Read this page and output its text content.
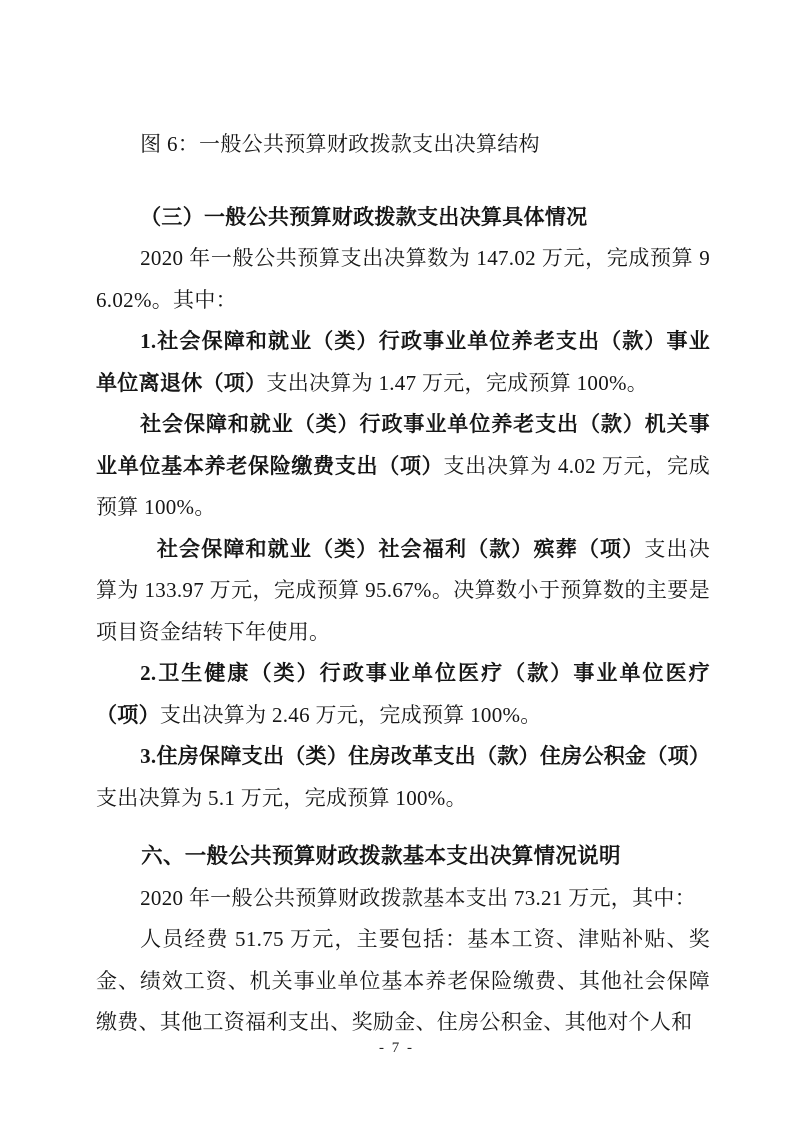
图 6：一般公共预算财政拨款支出决算结构

（三）一般公共预算财政拨款支出决算具体情况

2020 年一般公共预算支出决算数为 147.02 万元，完成预算 96.02%。其中：

1.社会保障和就业（类）行政事业单位养老支出（款）事业单位离退休（项）支出决算为 1.47 万元，完成预算 100%。

社会保障和就业（类）行政事业单位养老支出（款）机关事业单位基本养老保险缴费支出（项）支出决算为 4.02 万元，完成预算 100%。

社会保障和就业（类）社会福利（款）殡葬（项）支出决算为 133.97 万元，完成预算 95.67%。决算数小于预算数的主要是项目资金结转下年使用。

2.卫生健康（类）行政事业单位医疗（款）事业单位医疗（项）支出决算为 2.46 万元，完成预算 100%。

3.住房保障支出（类）住房改革支出（款）住房公积金（项）支出决算为 5.1 万元，完成预算 100%。

六、一般公共预算财政拨款基本支出决算情况说明

2020 年一般公共预算财政拨款基本支出 73.21 万元，其中：

人员经费 51.75 万元，主要包括：基本工资、津贴补贴、奖金、绩效工资、机关事业单位基本养老保险缴费、其他社会保障缴费、其他工资福利支出、奖励金、住房公积金、其他对个人和

- 7 -
